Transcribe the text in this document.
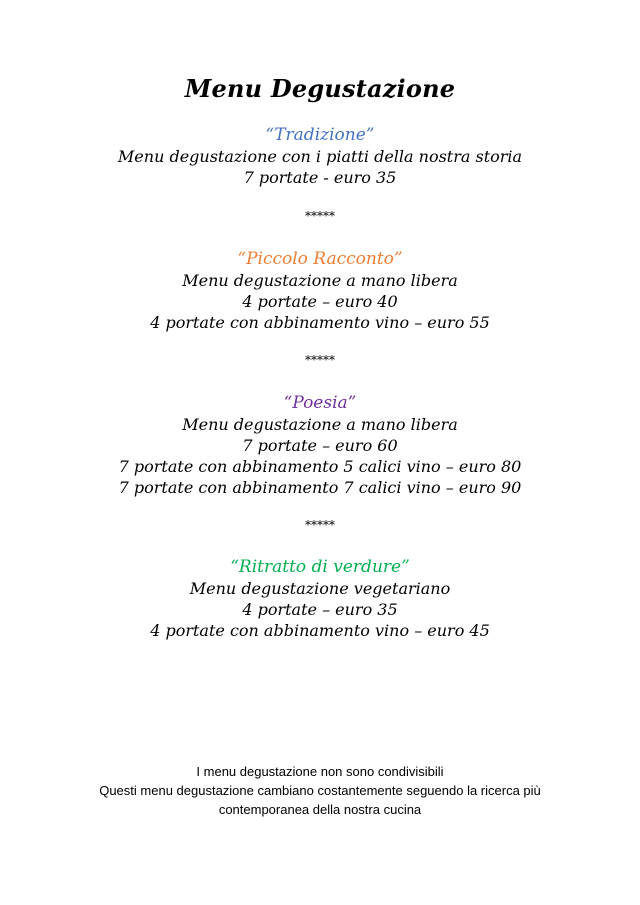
Menu Degustazione
“Tradizione”
Menu degustazione con i piatti della nostra storia
7 portate - euro 35
*****
“Piccolo Racconto”
Menu degustazione a mano libera
4 portate – euro 40
4 portate con abbinamento vino – euro 55
*****
“Poesia”
Menu degustazione a mano libera
7 portate – euro 60
7 portate con abbinamento 5 calici vino – euro 80
7 portate con abbinamento 7 calici vino – euro 90
*****
“Ritratto di verdure”
Menu degustazione vegetariano
4 portate – euro 35
4 portate con abbinamento vino – euro 45
I menu degustazione non sono condivisibili
Questi menu degustazione cambiano costantemente seguendo la ricerca più
contemporanea della nostra cucina
